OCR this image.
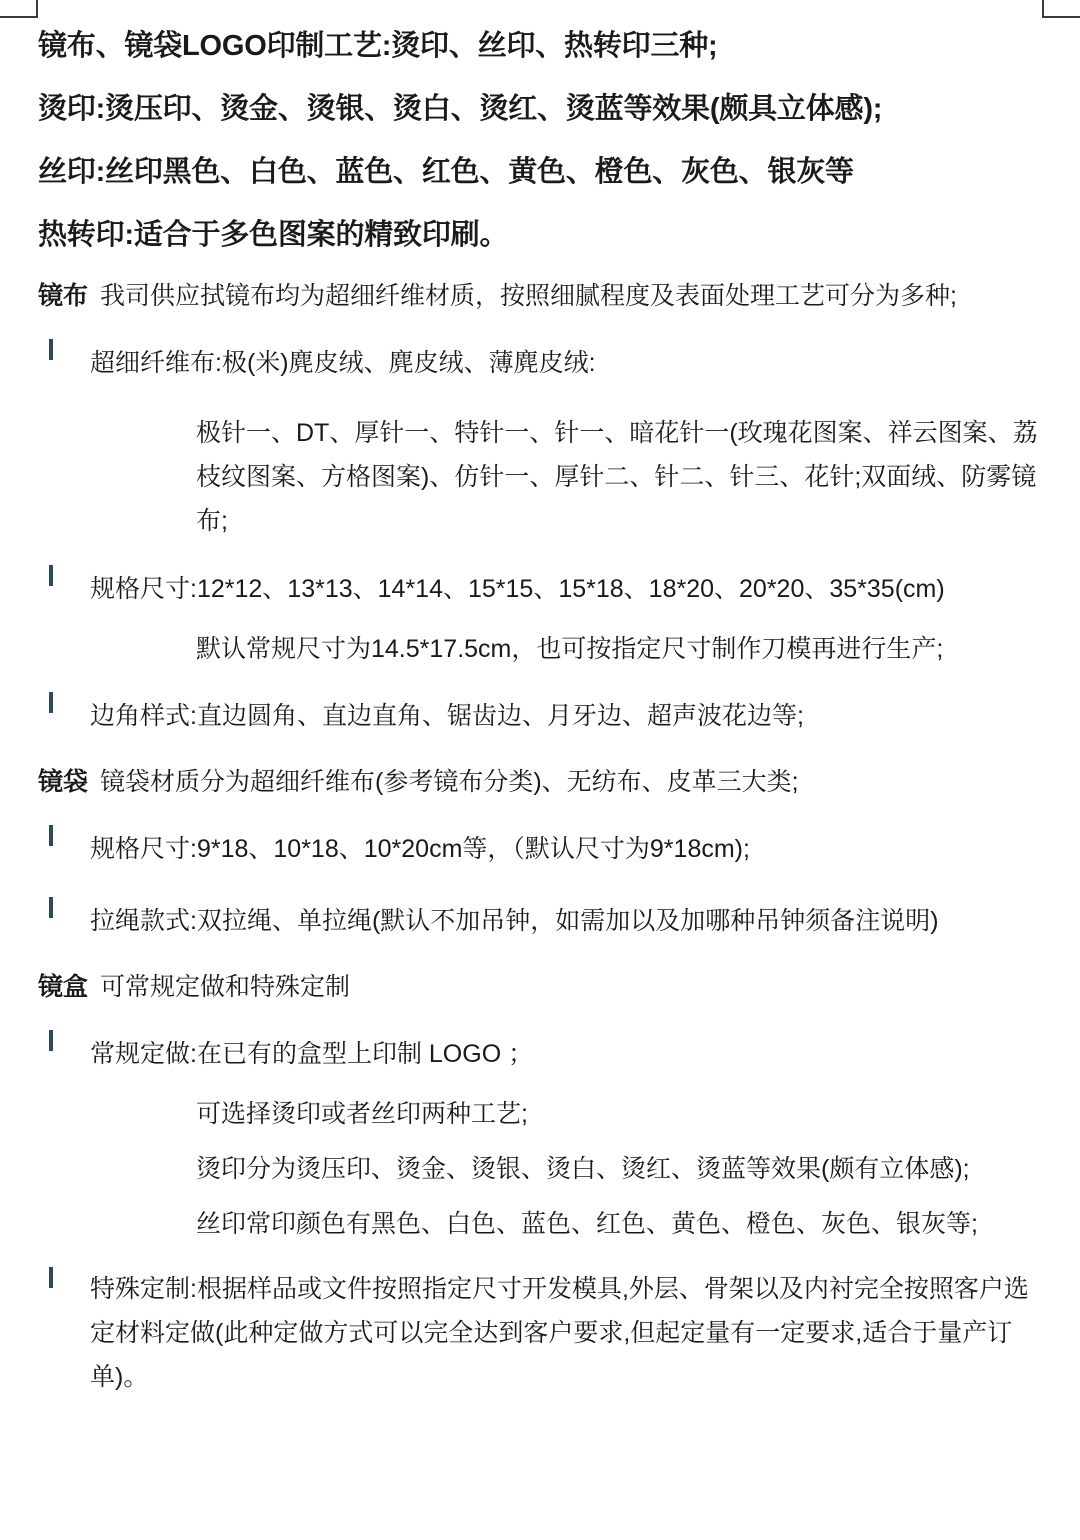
镜布、镜袋LOGO印制工艺:烫印、丝印、热转印三种;

烫印:烫压印、烫金、烫银、烫白、烫红、烫蓝等效果(颇具立体感);

丝印:丝印黑色、白色、蓝色、红色、黄色、橙色、灰色、银灰等

热转印:适合于多色图案的精致印刷。

镜布 我司供应拭镜布均为超细纤维材质，按照细腻程度及表面处理工艺可分为多种;

超细纤维布:极(米)麂皮绒、麂皮绒、薄麂皮绒:

极针一、DT、厚针一、特针一、针一、暗花针一(玫瑰花图案、祥云图案、荔枝纹图案、方格图案)、仿针一、厚针二、针二、针三、花针;双面绒、防雾镜布;

规格尺寸:12*12、13*13、14*14、15*15、15*18、18*20、20*20、35*35(cm)

默认常规尺寸为14.5*17.5cm，也可按指定尺寸制作刀模再进行生产;

边角样式:直边圆角、直边直角、锯齿边、月牙边、超声波花边等;

镜袋 镜袋材质分为超细纤维布(参考镜布分类)、无纺布、皮革三大类;

规格尺寸:9*18、10*18、10*20cm等，（默认尺寸为9*18cm);
拉绳款式:双拉绳、单拉绳(默认不加吊钟，如需加以及加哪种吊钟须备注说明)

镜盒 可常规定做和特殊定制

常规定做:在已有的盒型上印制 LOGO ；

可选择烫印或者丝印两种工艺;

烫印分为烫压印、烫金、烫银、烫白、烫红、烫蓝等效果(颇有立体感);

丝印常印颜色有黑色、白色、蓝色、红色、黄色、橙色、灰色、银灰等;

特殊定制:根据样品或文件按照指定尺寸开发模具,外层、骨架以及内衬完全按照客户选定材料定做(此种定做方式可以完全达到客户要求,但起定量有一定要求,适合于量产订单)。
